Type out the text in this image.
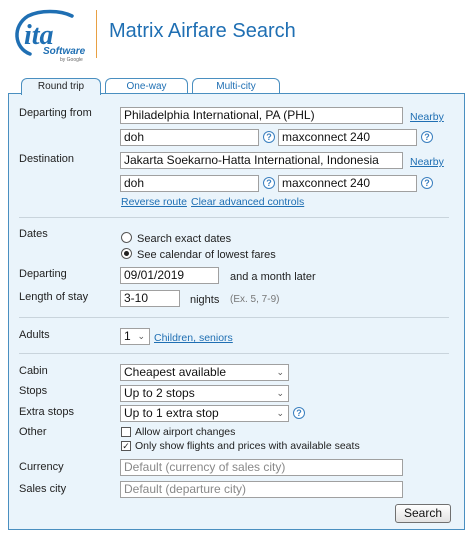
ita
Software
by Google
Matrix Airfare Search
Round trip	One-way	Multi-city
Departing from	Philadelphia International, PA (PHL)	Nearby
doh	? maxconnect 240	?
Destination	Jakarta Soekarno-Hatta International, Indonesia	Nearby
doh	? maxconnect 240	?
Reverse route Clear advanced controls
Dates	Search exact dates
See calendar of lowest fares
Departing	09/01/2019	and a month later
Length of stay	3-10	nights (Ex. 5, 7-9)
Adults	1 ⌄ Children, seniors
Cabin	Cheapest available	⌄
Stops	Up to 2 stops	⌄
Extra stops	Up to 1 extra stop	⌄	?
Other	Allow airport changes
✓ Only show flights and prices with available seats
Currency	Default (currency of sales city)
Sales city	Default (departure city)
Search
